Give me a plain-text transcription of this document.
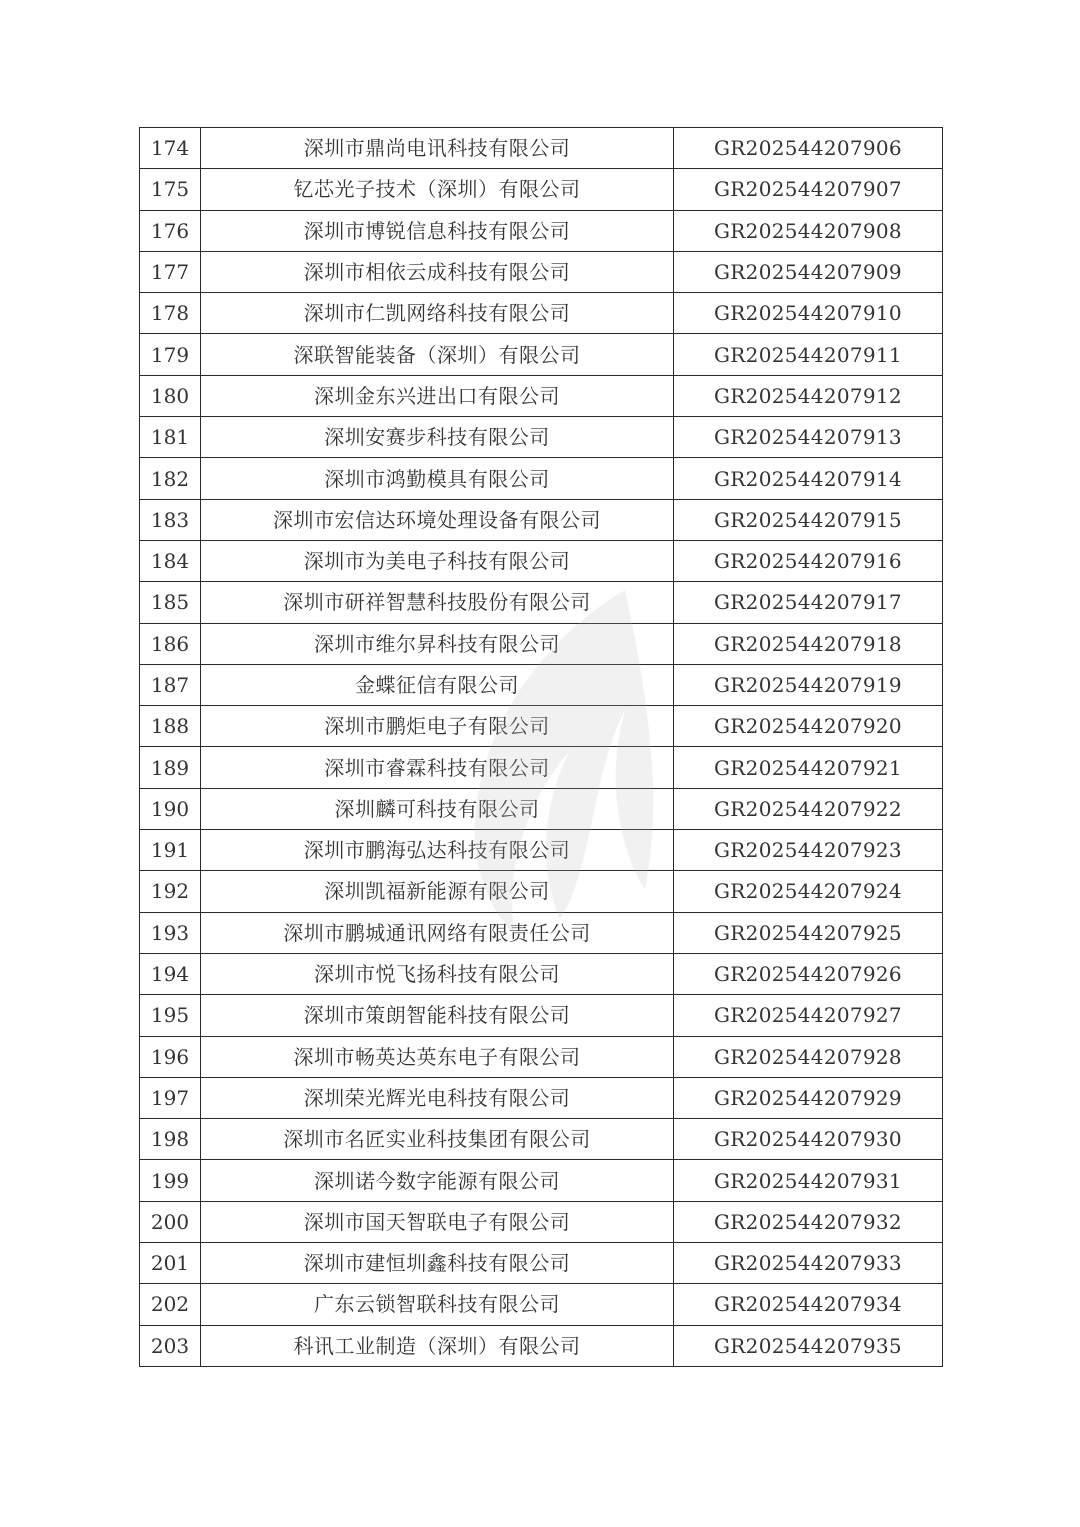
174	深圳市鼎尚电讯科技有限公司	GR202544207906
175	钇芯光子技术（深圳）有限公司	GR202544207907
176	深圳市博锐信息科技有限公司	GR202544207908
177	深圳市相依云成科技有限公司	GR202544207909
178	深圳市仁凯网络科技有限公司	GR202544207910
179	深联智能装备（深圳）有限公司	GR202544207911
180	深圳金东兴进出口有限公司	GR202544207912
181	深圳安赛步科技有限公司	GR202544207913
182	深圳市鸿勤模具有限公司	GR202544207914
183	深圳市宏信达环境处理设备有限公司	GR202544207915
184	深圳市为美电子科技有限公司	GR202544207916
185	深圳市研祥智慧科技股份有限公司	GR202544207917
186	深圳市维尔昇科技有限公司	GR202544207918
187	金蝶征信有限公司	GR202544207919
188	深圳市鹏炬电子有限公司	GR202544207920
189	深圳市睿霖科技有限公司	GR202544207921
190	深圳麟可科技有限公司	GR202544207922
191	深圳市鹏海弘达科技有限公司	GR202544207923
192	深圳凯福新能源有限公司	GR202544207924
193	深圳市鹏城通讯网络有限责任公司	GR202544207925
194	深圳市悦飞扬科技有限公司	GR202544207926
195	深圳市策朗智能科技有限公司	GR202544207927
196	深圳市畅英达英东电子有限公司	GR202544207928
197	深圳荣光辉光电科技有限公司	GR202544207929
198	深圳市名匠实业科技集团有限公司	GR202544207930
199	深圳诺今数字能源有限公司	GR202544207931
200	深圳市国天智联电子有限公司	GR202544207932
201	深圳市建恒圳鑫科技有限公司	GR202544207933
202	广东云锁智联科技有限公司	GR202544207934
203	科讯工业制造（深圳）有限公司	GR202544207935
